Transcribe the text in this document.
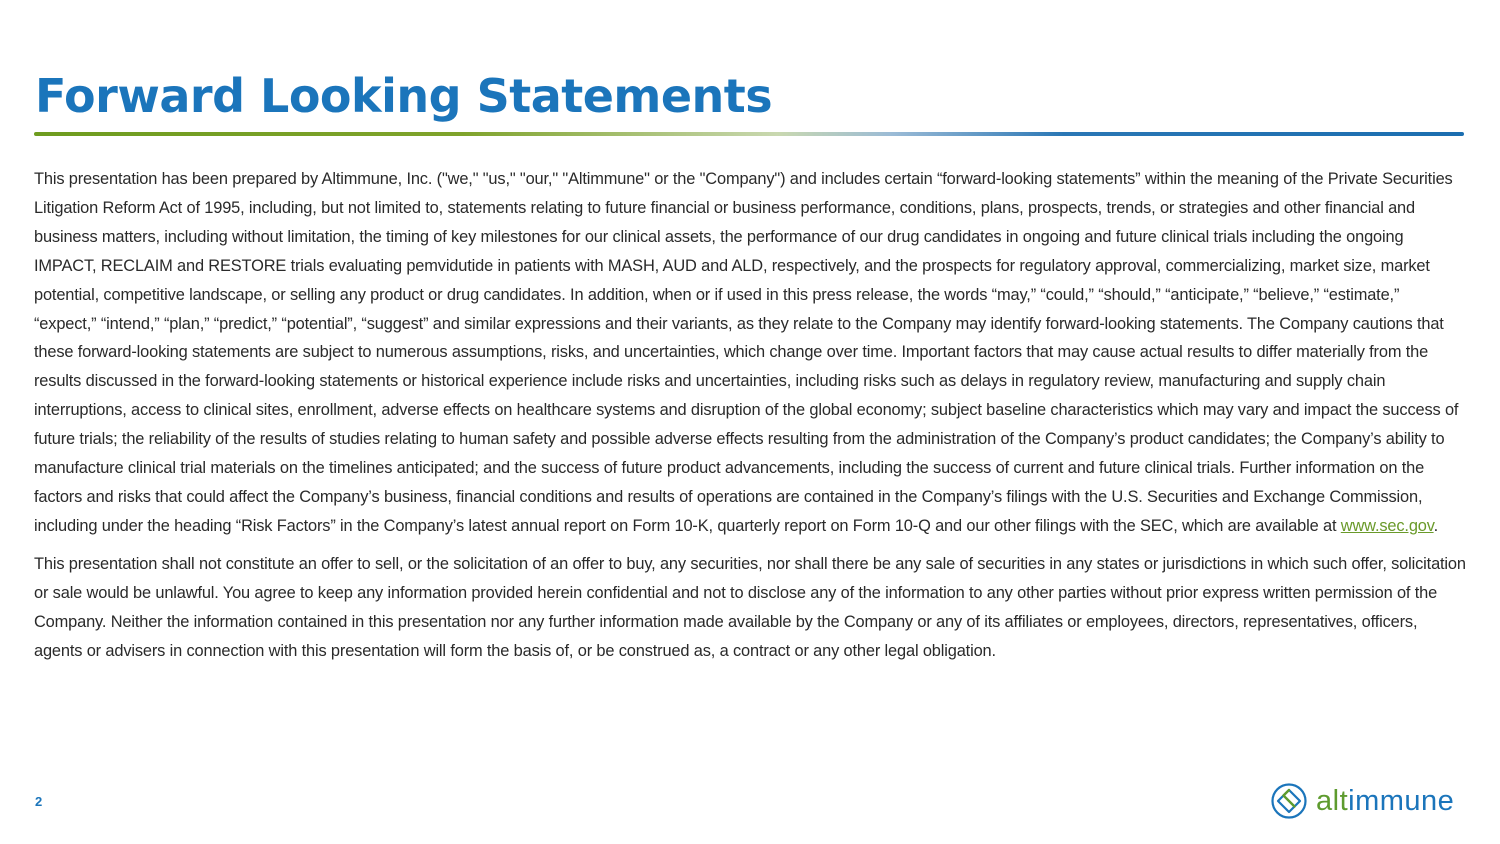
Forward Looking Statements

This presentation has been prepared by Altimmune, Inc. ("we," "us," "our," "Altimmune" or the "Company") and includes certain “forward-looking statements” within the meaning of the Private Securities Litigation Reform Act of 1995, including, but not limited to, statements relating to future financial or business performance, conditions, plans, prospects, trends, or strategies and other financial and business matters, including without limitation, the timing of key milestones for our clinical assets, the performance of our drug candidates in ongoing and future clinical trials including the ongoing IMPACT, RECLAIM and RESTORE trials evaluating pemvidutide in patients with MASH, AUD and ALD, respectively, and the prospects for regulatory approval, commercializing, market size, market potential, competitive landscape, or selling any product or drug candidates. In addition, when or if used in this press release, the words “may,” “could,” “should,” “anticipate,” “believe,” “estimate,” “expect,” “intend,” “plan,” “predict,” “potential”, “suggest” and similar expressions and their variants, as they relate to the Company may identify forward-looking statements. The Company cautions that these forward-looking statements are subject to numerous assumptions, risks, and uncertainties, which change over time. Important factors that may cause actual results to differ materially from the results discussed in the forward-looking statements or historical experience include risks and uncertainties, including risks such as delays in regulatory review, manufacturing and supply chain interruptions, access to clinical sites, enrollment, adverse effects on healthcare systems and disruption of the global economy; subject baseline characteristics which may vary and impact the success of future trials; the reliability of the results of studies relating to human safety and possible adverse effects resulting from the administration of the Company’s product candidates; the Company’s ability to manufacture clinical trial materials on the timelines anticipated; and the success of future product advancements, including the success of current and future clinical trials. Further information on the factors and risks that could affect the Company’s business, financial conditions and results of operations are contained in the Company’s filings with the U.S. Securities and Exchange Commission, including under the heading “Risk Factors” in the Company’s latest annual report on Form 10-K, quarterly report on Form 10-Q and our other filings with the SEC, which are available at www.sec.gov.

This presentation shall not constitute an offer to sell, or the solicitation of an offer to buy, any securities, nor shall there be any sale of securities in any states or jurisdictions in which such offer, solicitation or sale would be unlawful. You agree to keep any information provided herein confidential and not to disclose any of the information to any other parties without prior express written permission of the Company. Neither the information contained in this presentation nor any further information made available by the Company or any of its affiliates or employees, directors, representatives, officers, agents or advisers in connection with this presentation will form the basis of, or be construed as, a contract or any other legal obligation.

2	altimmune
